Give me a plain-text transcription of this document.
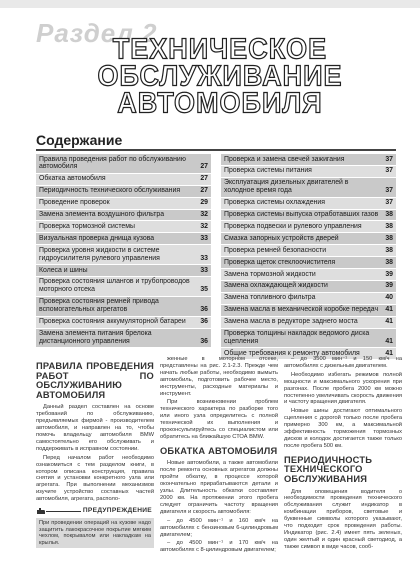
Раздел 2
ТЕХНИЧЕСКОЕ
ОБСЛУЖИВАНИЕ
АВТОМОБИЛЯ
Содержание
Правила проведения работ по обслуживанию автомобиля	27
Обкатка автомобиля	27
Периодичность технического обслуживания	27
Проведение проверок	29
Замена элемента воздушного фильтра	32
Проверка тормозной системы	32
Визуальная проверка днища кузова	33
Проверка уровня жидкости в системе гидроусилителя рулевого управления	33
Колеса и шины	33
Проверка состояния шлангов и трубопроводов моторного отсека	35
Проверка состояния ремней привода вспомогательных агрегатов	36
Проверка состояния аккумуляторной батареи	36
Замена элемента питания брелока дистанционного управления	36
Проверка и замена свечей зажигания	37
Проверка системы питания	37
Эксплуатация дизельных двигателей в холодное время года	37
Проверка системы охлаждения	37
Проверка системы выпуска отработавших газов	38
Проверка подвески и рулевого управления	38
Смазка запорных устройств дверей	38
Проверка ремней безопасности	38
Проверка щеток стеклоочистителя	38
Замена тормозной жидкости	39
Замена охлаждающей жидкости	39
Замена топливного фильтра	40
Замена масла в механической коробке передач	41
Замена масла в редукторе заднего моста	41
Проверка толщины накладок ведомого диска сцепления	41
Общие требования к ремонту автомобиля	41
ПРАВИЛА ПРОВЕДЕНИЯ РАБОТ ПО ОБСЛУЖИВАНИЮ АВТОМОБИЛЯ
Данный раздел составлен на основе требований по обслуживанию, предъявляемых фирмой - производителем автомобиля, и направлен на то, чтобы помочь владельцу автомобиля BMW самостоятельно его обслуживать и поддерживать в исправном состоянии.
Перед началом работ необходимо ознакомиться с тем разделом книги, в котором описана конструкция, правила снятия и установки конкретного узла или агрегата. При выполнении механизмов изучите устройство составных частей автомобиля, агрегата, располо-
ПРЕДУПРЕЖДЕНИЕ
При проведении операций на кузове надо защитить лакокрасочное покрытие мягким чехлом, покрывалом или накладкам на крылья.
женные в моторном отсеке, представлены на рис. 2.1-2.3. Прежде чем начать любые работы, необходимо вымыть автомобиль, подготовить рабочее место, инструменты, расходные материалы и инструмент.
При возникновении проблем технического характера по разборке того или иного узла определитесь с полной технической их выполнения и проконсультируйтесь со специалистом или обратитесь на ближайшую СТОА BMW.
ОБКАТКА АВТОМОБИЛЯ
Новые автомобили, а также автомобили после ремонта основных агрегатов должны пройти обкатку, в процессе которой окончательно прирабатываются детали и узлы. Длительность обкатки составляет 2000 км. На протяжении этого пробега следует ограничить частоту вращения двигателя и скорость автомобиля:
– до 4500 мин⁻¹ и 160 км/ч на автомобилях с бензиновым 6-цилиндровым двигателем;
– до 4500 мин⁻¹ и 170 км/ч на автомобилях с 8-цилиндровым двигателем;
– до 3500 мин⁻¹ и 150 км/ч на автомобилях с дизельным двигателем.
Необходимо избегать режимов полной мощности и максимального ускорения при разгонах. После пробега 2000 км можно постепенно увеличивать скорость движения и частоту вращения двигателя.
Новые шины достигают оптимального сцепления с дорогой только после пробега примерно 300 км, а максимальной эффективность торможения тормозных дисков и колодок достигается также только после пробега 500 км.
ПЕРИОДИЧНОСТЬ ТЕХНИЧЕСКОГО ОБСЛУЖИВАНИЯ
Для оповещения водителя о необходимости проведения технического обслуживания служит индикатор в комбинации приборов, световые и буквенные символы которого указывают, что подходит срок проведения работы. Индикатор (рис. 2.4) имеет пять зеленых, один желтый и один красный светодиод, а также символ в виде часов, сооб-
